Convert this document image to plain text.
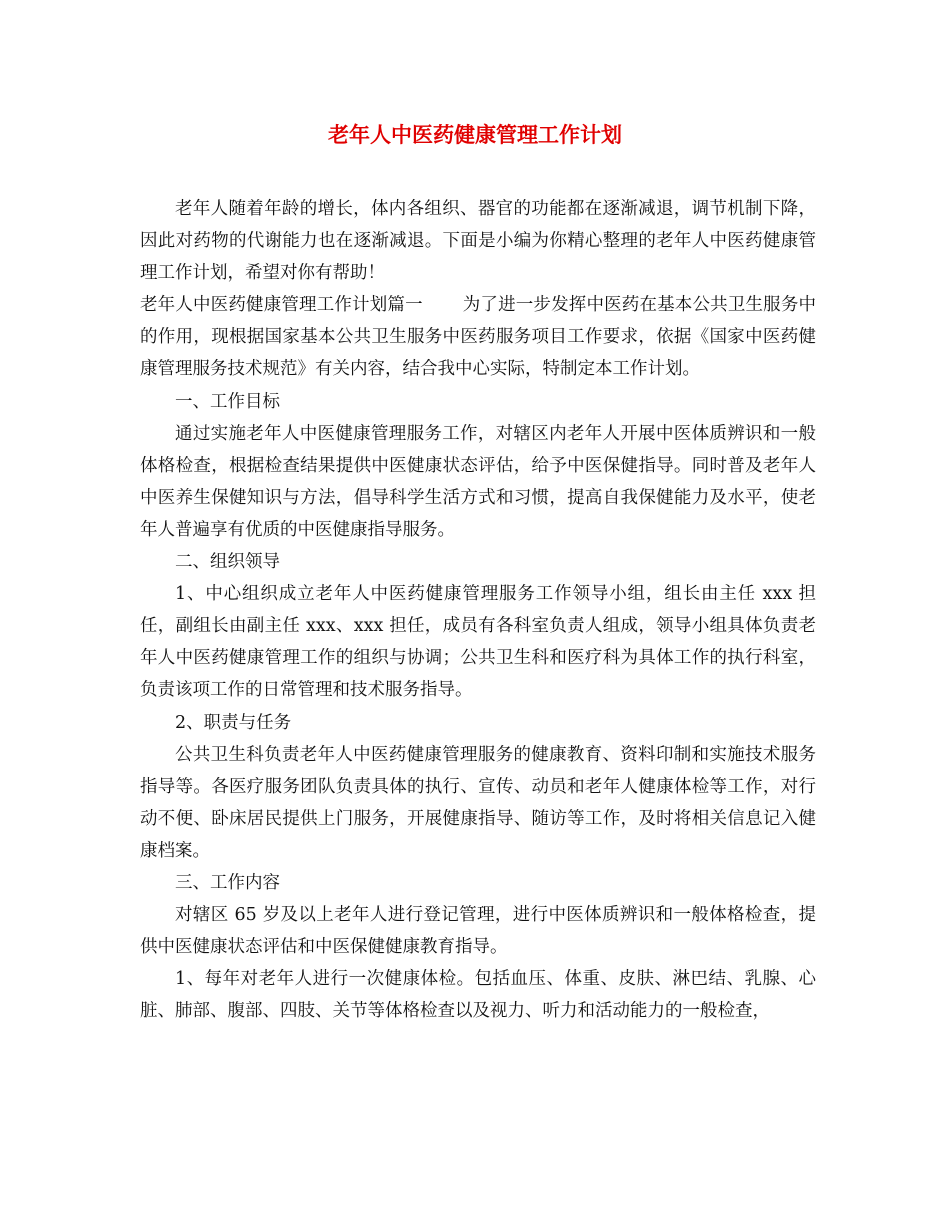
老年人中医药健康管理工作计划

老年人随着年龄的增长，体内各组织、器官的功能都在逐渐减退，调节机制下降，因此对药物的代谢能力也在逐渐减退。下面是小编为你精心整理的老年人中医药健康管理工作计划，希望对你有帮助！

老年人中医药健康管理工作计划篇一 为了进一步发挥中医药在基本公共卫生服务中的作用，现根据国家基本公共卫生服务中医药服务项目工作要求，依据《国家中医药健康管理服务技术规范》有关内容，结合我中心实际，特制定本工作计划。

一、工作目标

通过实施老年人中医健康管理服务工作，对辖区内老年人开展中医体质辨识和一般体格检查，根据检查结果提供中医健康状态评估，给予中医保健指导。同时普及老年人中医养生保健知识与方法，倡导科学生活方式和习惯，提高自我保健能力及水平，使老年人普遍享有优质的中医健康指导服务。

二、组织领导

1、中心组织成立老年人中医药健康管理服务工作领导小组，组长由主任 xxx 担任，副组长由副主任 xxx、xxx 担任，成员有各科室负责人组成，领导小组具体负责老年人中医药健康管理工作的组织与协调；公共卫生科和医疗科为具体工作的执行科室，负责该项工作的日常管理和技术服务指导。

2、职责与任务

公共卫生科负责老年人中医药健康管理服务的健康教育、资料印制和实施技术服务指导等。各医疗服务团队负责具体的执行、宣传、动员和老年人健康体检等工作，对行动不便、卧床居民提供上门服务，开展健康指导、随访等工作，及时将相关信息记入健康档案。

三、工作内容

对辖区 65 岁及以上老年人进行登记管理，进行中医体质辨识和一般体格检查，提供中医健康状态评估和中医保健健康教育指导。

1、每年对老年人进行一次健康体检。包括血压、体重、皮肤、淋巴结、乳腺、心脏、肺部、腹部、四肢、关节等体格检查以及视力、听力和活动能力的一般检查，
